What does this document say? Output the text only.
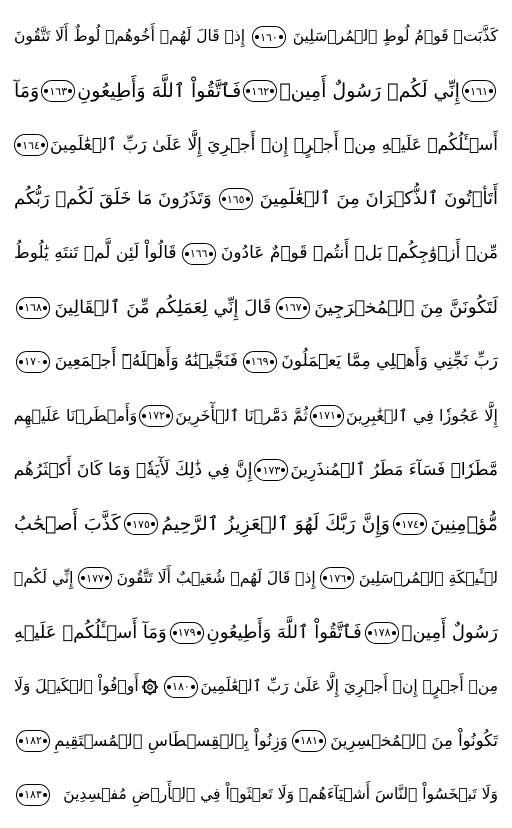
كَذَّبَتۡ قَوۡمُ لُوطٍ ٱلۡمُرۡسَلِينَ
١٦٠
إِذۡ قَالَ لَهُمۡ أَخُوهُمۡ لُوطٌ أَلَا تَتَّقُونَ
١٦١
إِنِّي لَكُمۡ رَسُولٌ أَمِينٞ
١٦٢
فَٱتَّقُواْ ٱللَّهَ وَأَطِيعُونِ
١٦٣
وَمَآ
أَسۡـَٔلُكُمۡ عَلَيۡهِ مِنۡ أَجۡرٍۖ إِنۡ أَجۡرِيَ إِلَّا عَلَىٰ رَبِّ ٱلۡعَٰلَمِينَ
١٦٤
أَتَأۡتُونَ ٱلذُّكۡرَانَ مِنَ ٱلۡعَٰلَمِينَ
١٦٥
وَتَذَرُونَ مَا خَلَقَ لَكُمۡ رَبُّكُم
مِّنۡ أَزۡوَٰجِكُمۚ بَلۡ أَنتُمۡ قَوۡمٌ عَادُونَ
١٦٦
قَالُواْ لَئِن لَّمۡ تَنتَهِ يَٰلُوطُ
لَتَكُونَنَّ مِنَ ٱلۡمُخۡرَجِينَ
١٦٧
قَالَ إِنِّي لِعَمَلِكُم مِّنَ ٱلۡقَالِينَ
١٦٨
رَبِّ نَجِّنِي وَأَهۡلِي مِمَّا يَعۡمَلُونَ
١٦٩
فَنَجَّيۡنَٰهُ وَأَهۡلَهُۥٓ أَجۡمَعِينَ
١٧٠
إِلَّا عَجُوزٗا فِي ٱلۡغَٰبِرِينَ
١٧١
ثُمَّ دَمَّرۡنَا ٱلۡأٓخَرِينَ
١٧٢
وَأَمۡطَرۡنَا عَلَيۡهِم
مَّطَرٗاۖ فَسَآءَ مَطَرُ ٱلۡمُنذَرِينَ
١٧٣
إِنَّ فِي ذَٰلِكَ لَأٓيَةٗۖ وَمَا كَانَ أَكۡثَرُهُم
مُّؤۡمِنِينَ
١٧٤
وَإِنَّ رَبَّكَ لَهُوَ ٱلۡعَزِيزُ ٱلرَّحِيمُ
١٧٥
كَذَّبَ أَصۡحَٰبُ
لۡـَٔيۡكَةِ ٱلۡمُرۡسَلِينَ
١٧٦
إِذۡ قَالَ لَهُمۡ شُعَيۡبٌ أَلَا تَتَّقُونَ
١٧٧
إِنِّي لَكُمۡ
رَسُولٌ أَمِينٞ
١٧٨
فَٱتَّقُواْ ٱللَّهَ وَأَطِيعُونِ
١٧٩
وَمَآ أَسۡـَٔلُكُمۡ عَلَيۡهِ
مِنۡ أَجۡرٍۖ إِنۡ أَجۡرِيَ إِلَّا عَلَىٰ رَبِّ ٱلۡعَٰلَمِينَ
١٨٠
أَوۡفُواْ ٱلۡكَيۡلَ وَلَا
تَكُونُواْ مِنَ ٱلۡمُخۡسِرِينَ
١٨١
وَزِنُواْ بِٱلۡقِسۡطَاسِ ٱلۡمُسۡتَقِيمِ
١٨٢
وَلَا تَبۡخَسُواْ ٱلنَّاسَ أَشۡيَآءَهُمۡ وَلَا تَعۡثَوۡاْ فِي ٱلۡأَرۡضِ مُفۡسِدِينَ
١٨٣
